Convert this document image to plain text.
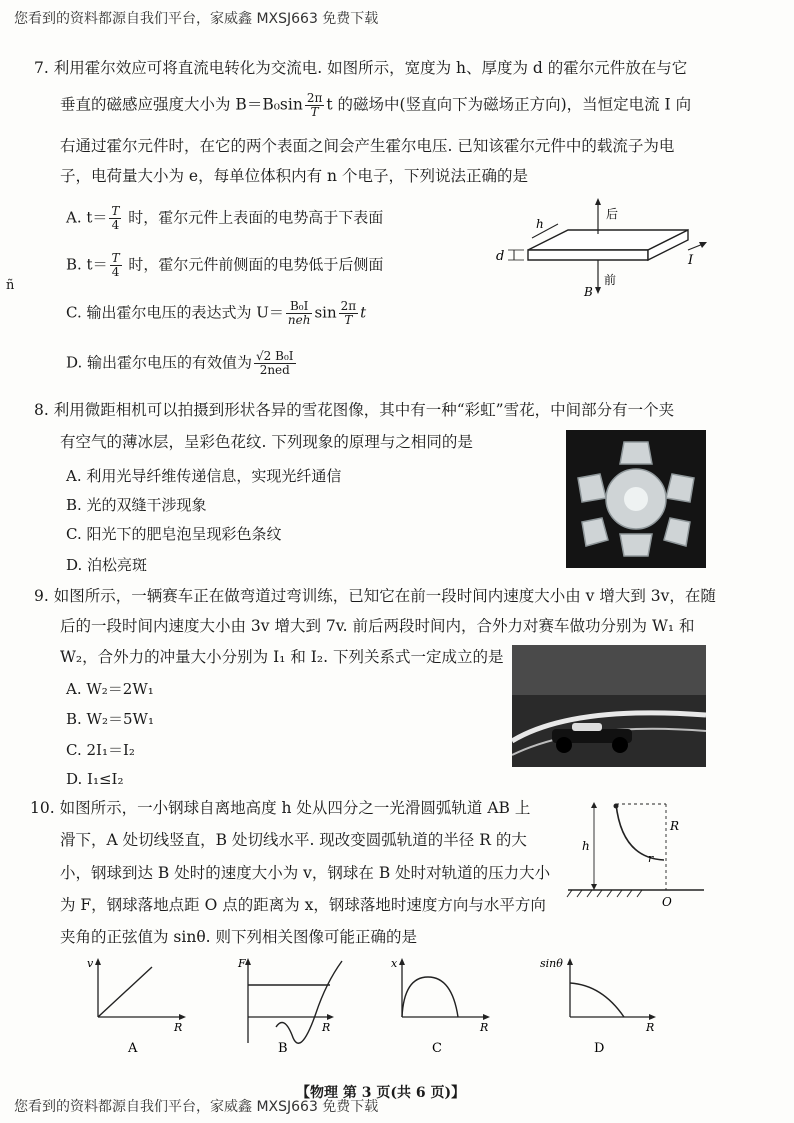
您看到的资料都源自我们平台，家威鑫 MXSJ663 免费下载
7. 利用霍尔效应可将直流电转化为交流电. 如图所示，宽度为 h、厚度为 d 的霍尔元件放在与它
垂直的磁感应强度大小为 $B=B_0\sin \frac{2\pi}{T}$ t 的磁场中(竖直向下为磁场正方向)，当恒定电流 I 向
右通过霍尔元件时，在它的两个表面之间会产生霍尔电压. 已知该霍尔元件中的载流子为电
子，电荷量大小为 e，每单位体积内有 n 个电子，下列说法正确的是
A. $t= \frac{T}{4}$ 时，霍尔元件上表面的电势高于下表面
B. $t= \frac{T}{4}$ 时，霍尔元件前侧面的电势低于后侧面
C. 输出霍尔电压的表达式为 $U= \frac{\text{B₀I}}{\text{neh}}$ $\sin \frac{2\pi}{T}$ t
D. 输出霍尔电压的有效值为 $\frac{\text{√2 B₀I}}{\text{2ned}}$
ñ
后
前
d
h
I
B
8. 利用微距相机可以拍摄到形状各异的雪花图像，其中有一种“彩虹”雪花，中间部分有一个夹
有空气的薄冰层，呈彩色花纹. 下列现象的原理与之相同的是
A. 利用光导纤维传递信息，实现光纤通信
B. 光的双缝干涉现象
C. 阳光下的肥皂泡呈现彩色条纹
D. 泊松亮斑
9. 如图所示，一辆赛车正在做弯道过弯训练，已知它在前一段时间内速度大小由 v 增大到 3v，在随
后的一段时间内速度大小由 3v 增大到 7v. 前后两段时间内，合外力对赛车做功分别为 W₁ 和
W₂，合外力的冲量大小分别为 I₁ 和 I₂. 下列关系式一定成立的是
A. W₂＝2W₁
B. W₂＝5W₁
C. 2I₁＝I₂
D. I₁≤I₂
10. 如图所示，一小钢球自离地高度 h 处从四分之一光滑圆弧轨道 AB 上
滑下，A 处切线竖直，B 处切线水平. 现改变圆弧轨道的半径 R 的大
小，钢球到达 B 处时的速度大小为 v，钢球在 B 处时对轨道的压力大小
为 F，钢球落地点距 O 点的距离为 x，钢球落地时速度方向与水平方向
夹角的正弦值为 sinθ. 则下列相关图像可能正确的是
h
R
r
O
v
R
A
F
R
B
x
R
C
sinθ
R
D
您看到的资料都源自我们平台，家威鑫 MXSJ663 免费下载
【物理 第 3 页(共 6 页)】
